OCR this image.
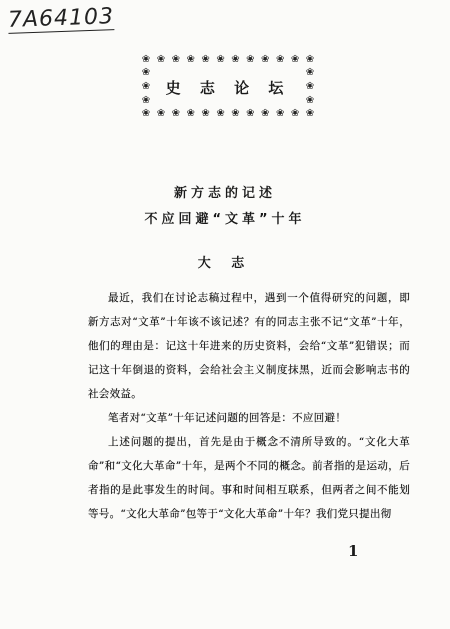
7A64103
❀ ❀ ❀ ❀ ❀ ❀ ❀ ❀ ❀ ❀ ❀ ❀
❀
❀
❀
❀
❀
❀
史 志 论 坛
❀ ❀ ❀ ❀ ❀ ❀ ❀ ❀ ❀ ❀ ❀ ❀
新方志的记述
不应回避“文革”十年
大 志

最近，我们在讨论志稿过程中，遇到一个值得研究的问题，即新方志对“文革”十年该不该记述？有的同志主张不记“文革”十年，他们的理由是：记这十年进来的历史资料，会给“文革”犯错误；而记这十年倒退的资料，会给社会主义制度抹黑，近而会影响志书的社会效益。

笔者对“文革”十年记述问题的回答是：不应回避！

上述问题的提出，首先是由于概念不清所导致的。“文化大革命”和“文化大革命”十年，是两个不同的概念。前者指的是运动，后者指的是此事发生的时间。事和时间相互联系，但两者之间不能划等号。“文化大革命”包等于“文化大革命”十年？我们党只提出彻

1
